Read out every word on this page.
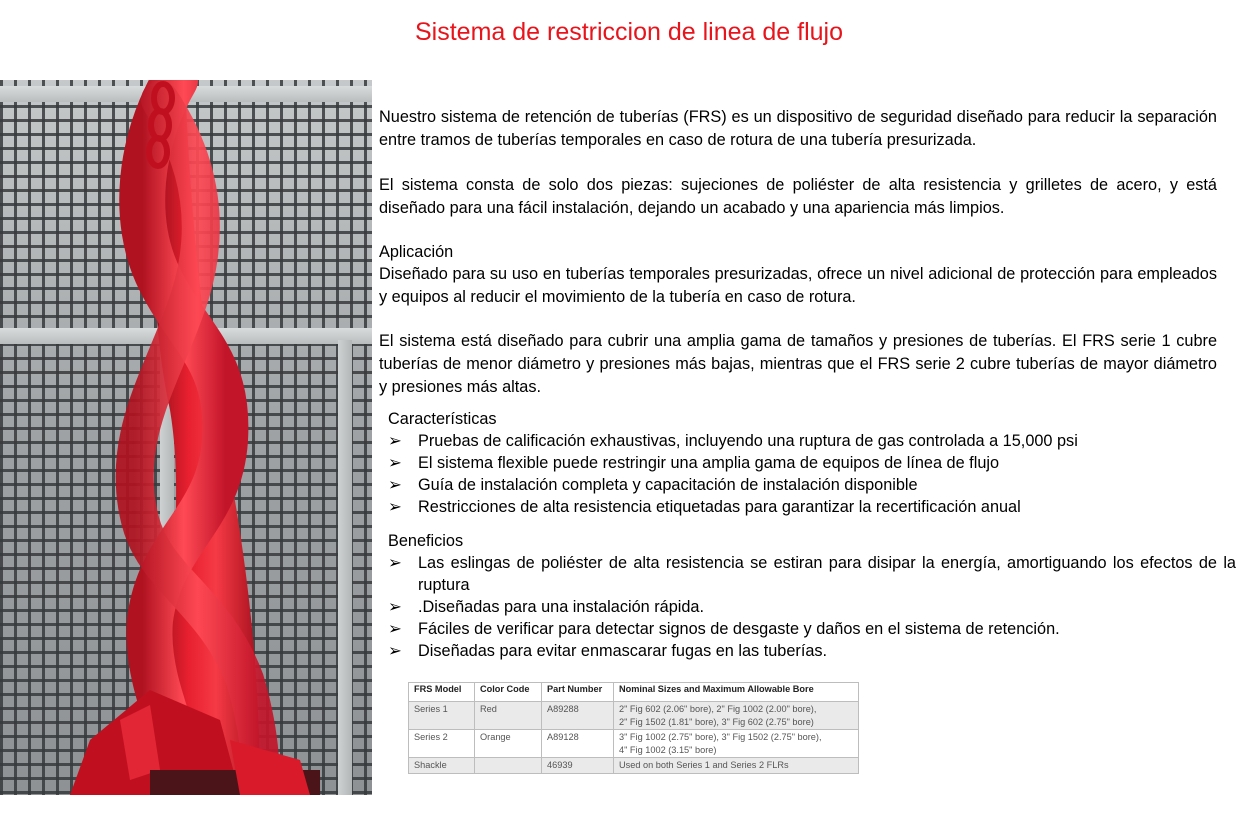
Sistema de restriccion de linea de flujo

Nuestro sistema de retención de tuberías (FRS) es un dispositivo de seguridad diseñado para reducir la separación entre tramos de tuberías temporales en caso de rotura de una tubería presurizada.

El sistema consta de solo dos piezas: sujeciones de poliéster de alta resistencia y grilletes de acero, y está diseñado para una fácil instalación, dejando un acabado y una apariencia más limpios.

Aplicación

Diseñado para su uso en tuberías temporales presurizadas, ofrece un nivel adicional de protección para empleados y equipos al reducir el movimiento de la tubería en caso de rotura.

El sistema está diseñado para cubrir una amplia gama de tamaños y presiones de tuberías. El FRS serie 1 cubre tuberías de menor diámetro y presiones más bajas, mientras que el FRS serie 2 cubre tuberías de mayor diámetro y presiones más altas.

Características

➢ Pruebas de calificación exhaustivas, incluyendo una ruptura de gas controlada a 15,000 psi
➢ El sistema flexible puede restringir una amplia gama de equipos de línea de flujo
➢ Guía de instalación completa y capacitación de instalación disponible
➢ Restricciones de alta resistencia etiquetadas para garantizar la recertificación anual

Beneficios

➢ Las eslingas de poliéster de alta resistencia se estiran para disipar la energía, amortiguando los efectos de la ruptura
➢ .Diseñadas para una instalación rápida.
➢ Fáciles de verificar para detectar signos de desgaste y daños en el sistema de retención.
➢ Diseñadas para evitar enmascarar fugas en las tuberías.
FRS Model	Color Code	Part Number	Nominal Sizes and Maximum Allowable Bore
Series 1	Red	A89288	2" Fig 602 (2.06" bore), 2" Fig 1002 (2.00" bore),
2" Fig 1502 (1.81" bore), 3" Fig 602 (2.75" bore)

Series 2	Orange	A89128	3" Fig 1002 (2.75" bore), 3" Fig 1502 (2.75" bore),
4" Fig 1002 (3.15" bore)

Shackle		46939	Used on both Series 1 and Series 2 FLRs
